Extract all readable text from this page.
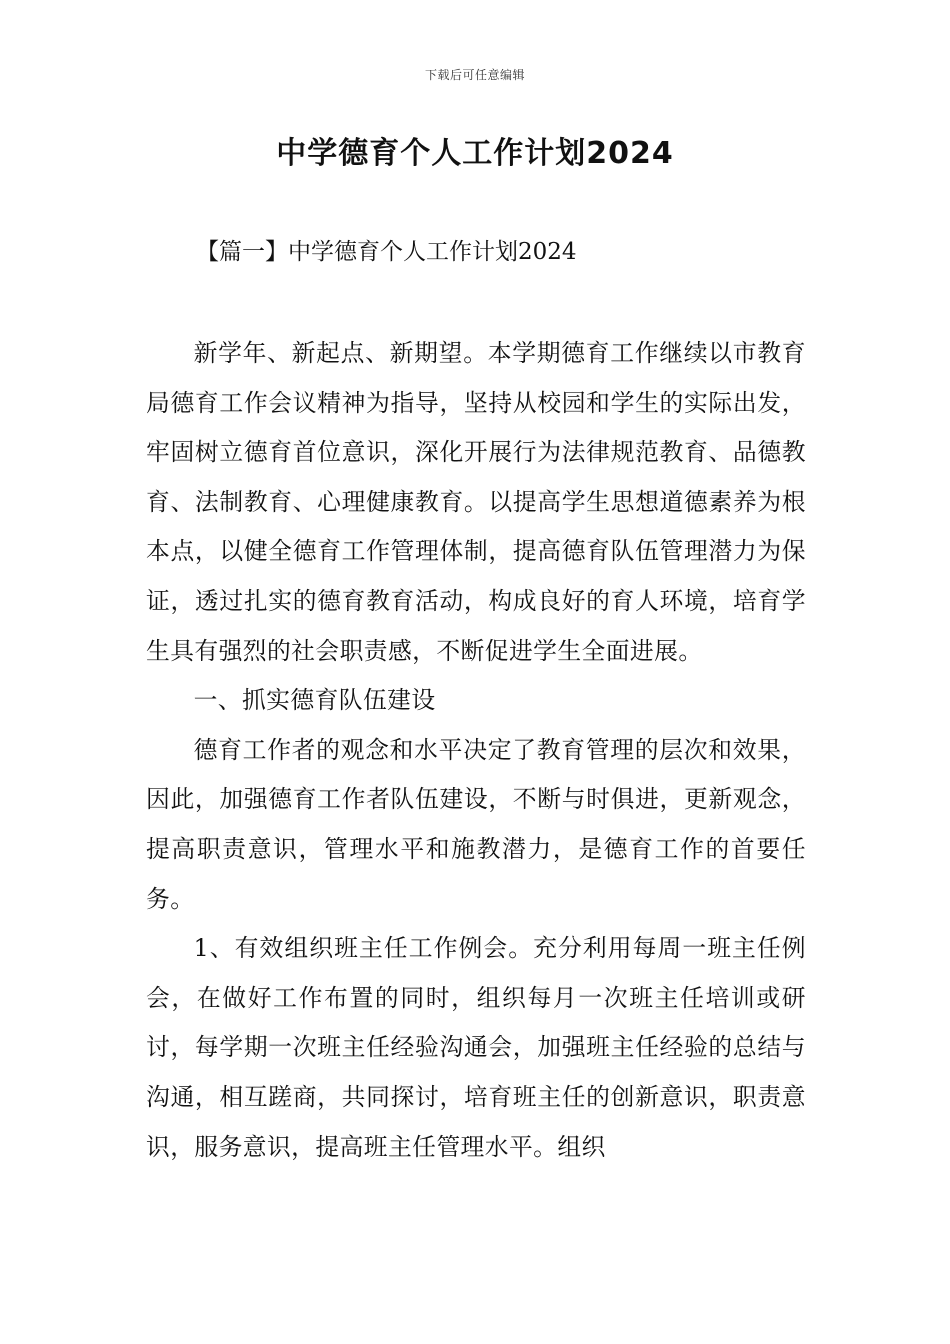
下载后可任意编辑
中学德育个人工作计划2024
【篇一】中学德育个人工作计划2024

新学年、新起点、新期望。本学期德育工作继续以市教育局德育工作会议精神为指导，坚持从校园和学生的实际出发，牢固树立德育首位意识，深化开展行为法律规范教育、品德教育、法制教育、心理健康教育。以提高学生思想道德素养为根本点，以健全德育工作管理体制，提高德育队伍管理潜力为保证，透过扎实的德育教育活动，构成良好的育人环境，培育学生具有强烈的社会职责感，不断促进学生全面进展。

一、抓实德育队伍建设

德育工作者的观念和水平决定了教育管理的层次和效果，因此，加强德育工作者队伍建设，不断与时俱进，更新观念，提高职责意识，管理水平和施教潜力，是德育工作的首要任务。

1、有效组织班主任工作例会。充分利用每周一班主任例会，在做好工作布置的同时，组织每月一次班主任培训或研讨，每学期一次班主任经验沟通会，加强班主任经验的总结与沟通，相互蹉商，共同探讨，培育班主任的创新意识，职责意识，服务意识，提高班主任管理水平。组织
